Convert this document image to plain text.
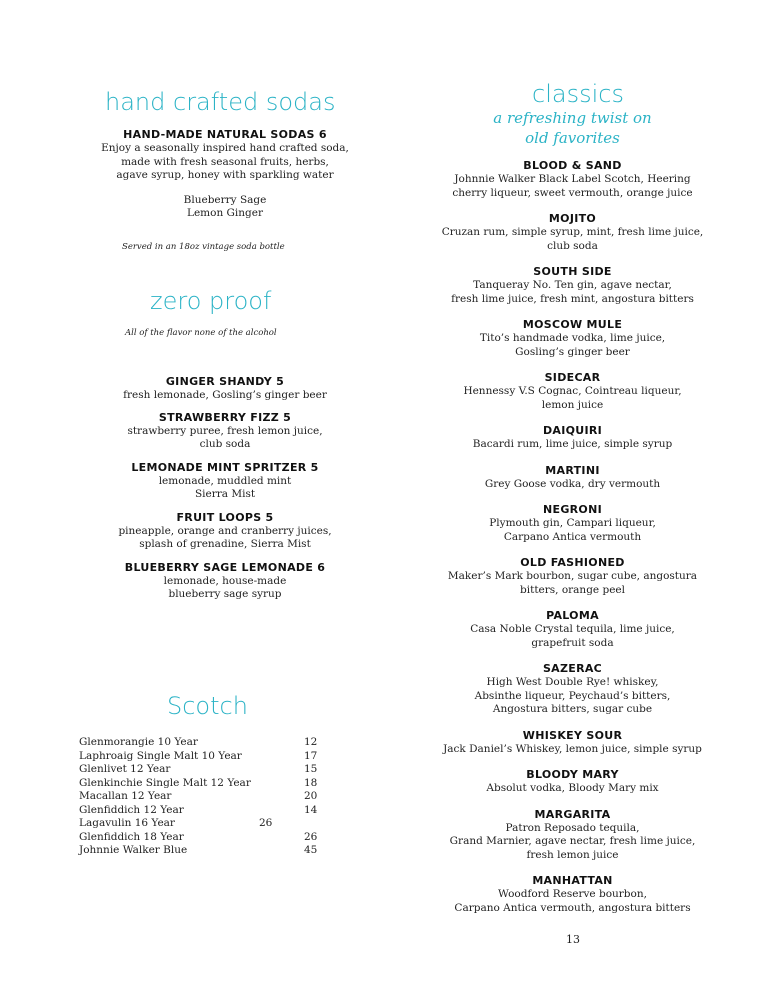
hand crafted sodas
HAND-MADE NATURAL SODAS 6
Enjoy a seasonally inspired hand crafted soda,
made with fresh seasonal fruits, herbs,
agave syrup, honey with sparkling water
Blueberry Sage
Lemon Ginger
Served in an 18oz vintage soda bottle
zero proof
All of the flavor none of the alcohol
GINGER SHANDY 5
fresh lemonade, Gosling’s ginger beer
STRAWBERRY FIZZ 5
strawberry puree, fresh lemon juice,
club soda
LEMONADE MINT SPRITZER 5
lemonade, muddled mint
Sierra Mist
FRUIT LOOPS 5
pineapple, orange and cranberry juices,
splash of grenadine, Sierra Mist
BLUEBERRY SAGE LEMONADE 6
lemonade, house-made
blueberry sage syrup
Scotch
Glenmorangie 10 Year	12
Laphroaig Single Malt 10 Year	17
Glenlivet 12 Year	15
Glenkinchie Single Malt 12 Year	18
Macallan 12 Year	20
Glenfiddich 12 Year	14
Lagavulin 16 Year	26
Glenfiddich 18 Year	26
Johnnie Walker Blue	45
classics
a refreshing twist on
old favorites
BLOOD & SAND
Johnnie Walker Black Label Scotch, Heering
cherry liqueur, sweet vermouth, orange juice
MOJITO
Cruzan rum, simple syrup, mint, fresh lime juice,
club soda
SOUTH SIDE
Tanqueray No. Ten gin, agave nectar,
fresh lime juice, fresh mint, angostura bitters
MOSCOW MULE
Tito’s handmade vodka, lime juice,
Gosling’s ginger beer
SIDECAR
Hennessy V.S Cognac, Cointreau liqueur,
lemon juice
DAIQUIRI
Bacardi rum, lime juice, simple syrup
MARTINI
Grey Goose vodka, dry vermouth
NEGRONI
Plymouth gin, Campari liqueur,
Carpano Antica vermouth
OLD FASHIONED
Maker’s Mark bourbon, sugar cube, angostura
bitters, orange peel
PALOMA
Casa Noble Crystal tequila, lime juice,
grapefruit soda
SAZERAC
High West Double Rye! whiskey,
Absinthe liqueur, Peychaud’s bitters,
Angostura bitters, sugar cube
WHISKEY SOUR
Jack Daniel’s Whiskey, lemon juice, simple syrup
BLOODY MARY
Absolut vodka, Bloody Mary mix
MARGARITA
Patron Reposado tequila,
Grand Marnier, agave nectar, fresh lime juice,
fresh lemon juice
MANHATTAN
Woodford Reserve bourbon,
Carpano Antica vermouth, angostura bitters
13
